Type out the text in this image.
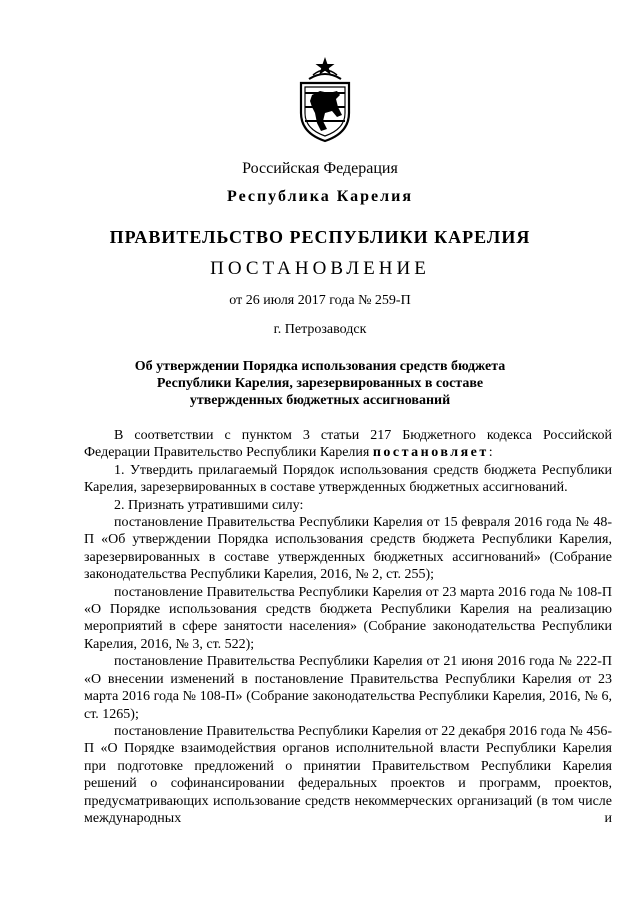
Российская Федерация
Республика Карелия
ПРАВИТЕЛЬСТВО РЕСПУБЛИКИ КАРЕЛИЯ
ПОСТАНОВЛЕНИЕ
от 26 июля 2017 года № 259-П
г. Петрозаводск
Об утверждении Порядка использования средств бюджета
Республики Карелия, зарезервированных в составе
утвержденных бюджетных ассигнований

В соответствии с пунктом 3 статьи 217 Бюджетного кодекса Российской Федерации Правительство Республики Карелия постановляет:

1. Утвердить прилагаемый Порядок использования средств бюджета Республики Карелия, зарезервированных в составе утвержденных бюджетных ассигнований.

2. Признать утратившими силу:

постановление Правительства Республики Карелия от 15 февраля 2016 года № 48-П «Об утверждении Порядка использования средств бюджета Республики Карелия, зарезервированных в составе утвержденных бюджетных ассигнований» (Собрание законодательства Республики Карелия, 2016, № 2, ст. 255);

постановление Правительства Республики Карелия от 23 марта 2016 года № 108-П «О Порядке использования средств бюджета Республики Карелия на реализацию мероприятий в сфере занятости населения» (Собрание законодательства Республики Карелия, 2016, № 3, ст. 522);

постановление Правительства Республики Карелия от 21 июня 2016 года № 222-П «О внесении изменений в постановление Правительства Республики Карелия от 23 марта 2016 года № 108-П» (Собрание законодательства Республики Карелия, 2016, № 6, ст. 1265);

постановление Правительства Республики Карелия от 22 декабря 2016 года № 456-П «О Порядке взаимодействия органов исполнительной власти Республики Карелия при подготовке предложений о принятии Правительством Республики Карелия решений о софинансировании федеральных проектов и программ, проектов, предусматривающих использование средств некоммерческих организаций (в том числе международных и
